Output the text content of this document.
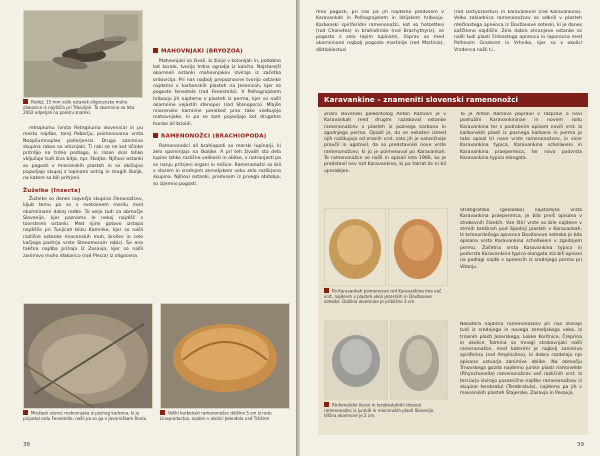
Rodež, 15 mm velik ostanek oligocenske muhe dlakocice iz najdišča pri Trbovljah. To skamnino so leta 2002 odpeljali na poletni znamki.

retroplumu (vrsta Retroplumа slovenica) in pu mestu najdbe, torej Poboriju, poimenovana vrsta Neopilumnoplax pohorjensis. Druga zanimiva skupina rakov so viticnjaki. Ti raki se ne kot ličinke pritrdijo na trdno podlago, ki razen skal lahko vključuje tudi živa bitja, npr. školjke. Njihovi ostanki so pogosti v miocenskih plasteh in se običajno pojavljajo skupaj z lupinami ostrig in drugih školjk, na katere so bili pritrjeni.

Žuželke (Insecta)

Žuželke so danes največja skupina členonožcev, kljub temu pa so v svetovnem merilu med okamninami dokaj redke. To velja tudi za območje Slovenije, kjer poznamo le nekaj najdišč s tovrstnimi ostanki. Med njimi gotovo izstopa najdišče pri Tunjicah blizu Kamnika, kjer so našli različne ostanke miocenskih muh, brošev in celo kačjega pastirja vrste Stenomorum robici. Še ena takšna najdba prihaja iz Zasavja, kjer so našli zanimivo muho dlakarico (rod Plecia) iz oligocena.

MAHOVNJAKI (BRYOZOA)

Mahovnjaki so živali, ki živijo v kolonijah in, podobno kot korale, tvorijo trdna ogrodja iz kalcita. Najstarejši okamneli ostanki mahovnjakov izvirajo iz začetka ordovicija. Pri nas najbolj prepoznavne tvorijo ostanke najdemo v karbonskih plasteh na Jesenicah, kjer so pogoste fenestele (rod Fenestella). V Polhograjskem hribovju jih najdemo v plasteh iz perma, kjer so našli okamnine vejastih stenopor (rod Stenopora). Mlajše miocenske kamnine ponekod prav tako vsebujejo mahovnjake, ki pa se tam pojavljajo kot drugotne tvorbe ali brioidi.

RAMENONOŽCI (BRACHIOPODA)

Ramenonožci ali brahiopodi so morski lupinarji, ki zelo spominjajo na školjke. A pri teh živalih sta dela lupine lahko različne velikosti in oblike, v notranjosti pa so nanju pritrjeni organi in mišice. Ramenonožci so bili v starem in srednjem zemeljskem veku zelo razširjena skupina. Njihovi ostanki, predvsem iz prvega obdobja, so izjemno pogosti.

Mrežasti vzorec mahovnjaka iz pozneg karbona, ki je pripadal rodu Fenestelle, našli pa so ga v Javorniškem Rovtu
Veliki karbonski ramenonožec dolžine 5 cm iz rodu Linoproductus, najden v okolici Jelendola nad Tržičem
38
mno pogosti, pri nas pa jih najdemo predvsem v Karavankah in Polhograjskem in Idrijskem hribovju. Karbonski spiriferidni ramenonožci, kot so hotzettesi (rod Chonetes) in brahiotiride (rod Brachythyris), se pogosto z zelo lepim lupinami, čeprav so med okamninami najbolj pogoste martinije (rod Martinia), diktioklostusi
(rod Dictyoclostus) in karavankine (rod Karavankina). Velko zakladnico ramenonožcev so odkrili v plasteh rdečkastega apnenca iz Dovžanove soteski, ki je danes zaščiteno najdišče. Zelo dobro ohranjene ostanke so našli tudi plasti črnkastega apnenca in laporovca med Polhovim Gradcem in Vrhniko, kjer so v okolici Vrzdenca našli t.i.
39
Karavankine – znameniti slovenski ramenonožci
Znani slovenski paleontolog Anton Ramovš je v Karavankah med drugim raziskoval ostanke ramenonožcev v plasteh iz poznega karbona in zgodnjega perma. Opazil je, da se nekateri izmed njih razlikujejo od znanih vrst, zato jih je natančneje proučil in ugotovil, da so predstavniki nove vrste ramenonožcev, ki jo je poimenoval po Karavankah. Te ramenonožce so našli in opisali leta 1966, ko je predstavil nov rod Karavankina, ki pa takrat še ni bil uporabljen.
To je Anton Ramovš popravil v razpravi o novi podružini Karavankininae in novem rodu Karavankina ter s podrobnim opisom novih vrst. Iz karbonskih plasti iz poznega karbona in perma je tako opisal tri nove vrste ramenonožcev, in sicer Karavankina typica, Karavankina schellwieni in Karavankina praepermica, ter nova podvrsta Karavankina typica elongata.
Po Karavankah poimenovan rod Karavankina ima več vrst, najdenih v plasteh okoli jezerskih in Dovžanove soteske. Dolžina okamnine je približno 3 cm.
Stratigrafsko (geološko) najstarejša vrsta Karavankina praepermica, je bila prvič opisana v strokovnih člankih. Vse štiri vrste so bile najdene v strmih brežinah pod Spodnji plasteh v Karavankah. Iz temnordečega apnenca Dovžanove soteske je bila opisana vrsta Karavankina schellwieni v zgodnjem permu. Začetna vrsta Karavankina typica in podvrsta Karavankina typica elongata sta bili opisani na podlagi najdb v apnencih iz srednjega perma pri Vitanju.
Rinhonelidni (levo) in terebratulidni (desno) ramenonožec iz jurskih in miocenskih plasti Slovenije. Višina okamnine je 2 cm.
Nekatera najdišča ramenonožcev pri nas izvirajo tudi iz srednjega in novega zemeljskega veka. Iz triasnih plasti Jezerskega, Lokke Koritnice, Čreprina in okolice Tolmina so mnogi strokovnjaki našli ramenonožce, med katerimi je najbolj zanimiva spiriferina (rod Amphiclina), ki dobro razdelajo njo opisana ustvarja zanimive oblike. Na območju Trnovskega gozda najdemo jurske plasti rinhonelide (Rhynchonella) ramenonožcev več različnih vrst. Iz terciarja izvirajo posamične najdbe ramenonožcev iz skupine terebratul (Terebratula), najdemo pa jih v miocenskih plasteh Štajerske, Zasavja in Posavja.
